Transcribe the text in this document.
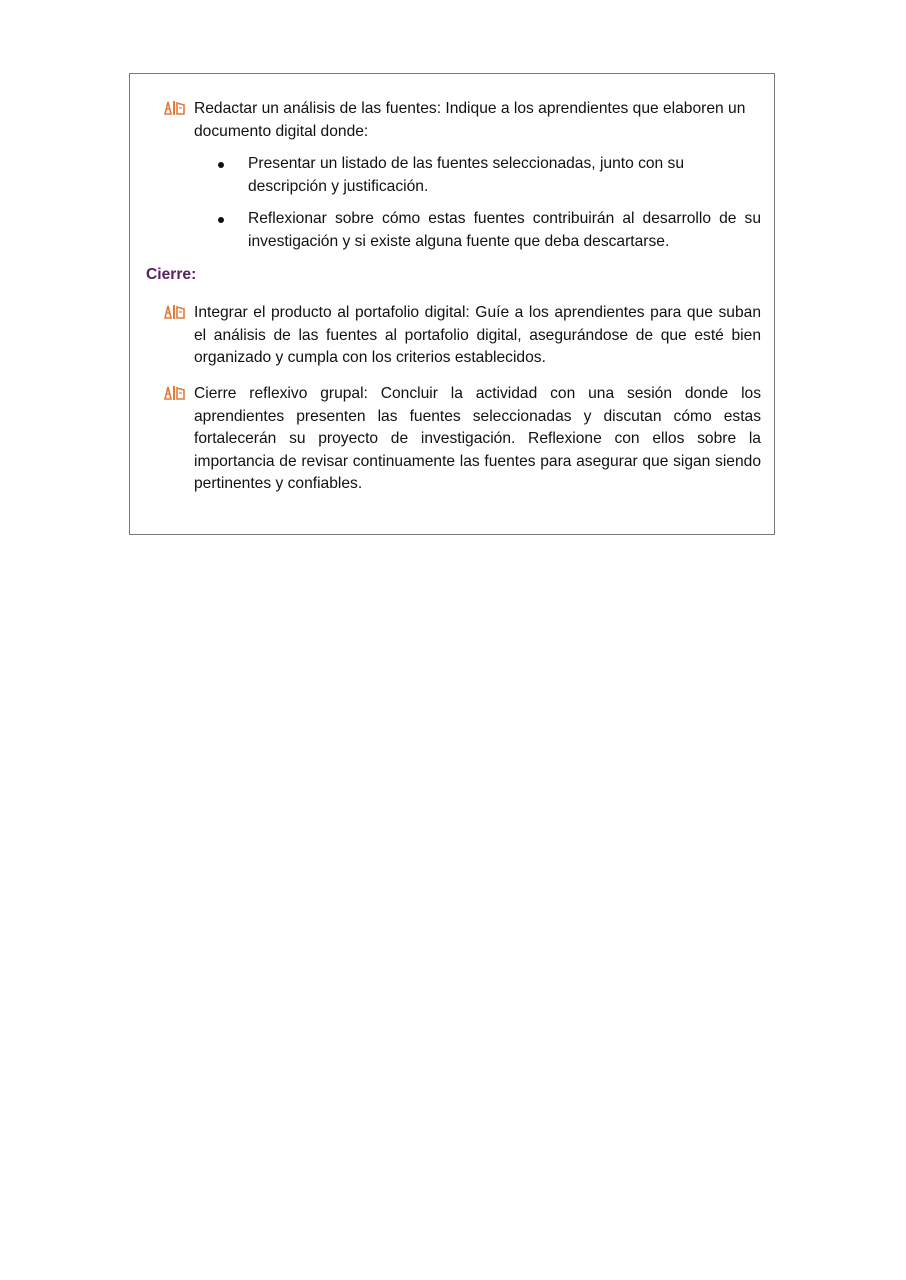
Redactar un análisis de las fuentes: Indique a los aprendientes que elaboren un documento digital donde:
Presentar un listado de las fuentes seleccionadas, junto con su descripción y justificación.
Reflexionar sobre cómo estas fuentes contribuirán al desarrollo de su investigación y si existe alguna fuente que deba descartarse.
Cierre:
Integrar el producto al portafolio digital: Guíe a los aprendientes para que suban el análisis de las fuentes al portafolio digital, asegurándose de que esté bien organizado y cumpla con los criterios establecidos.
Cierre reflexivo grupal: Concluir la actividad con una sesión donde los aprendientes presenten las fuentes seleccionadas y discutan cómo estas fortalecerán su proyecto de investigación. Reflexione con ellos sobre la importancia de revisar continuamente las fuentes para asegurar que sigan siendo pertinentes y confiables.
